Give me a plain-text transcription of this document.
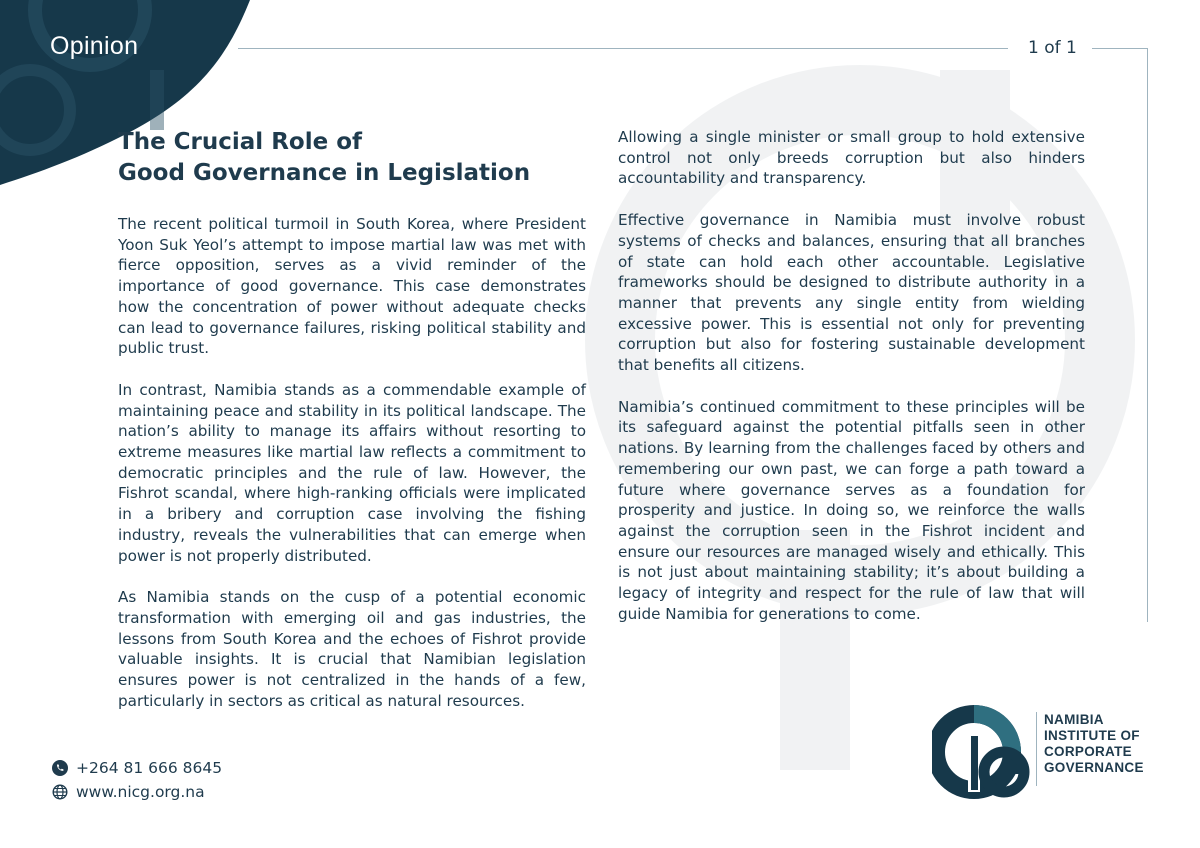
Opinion	1 of 1
The Crucial Role of
Good Governance in Legislation

The recent political turmoil in South Korea, where President Yoon Suk Yeol’s attempt to impose martial law was met with fierce opposition, serves as a vivid reminder of the importance of good governance. This case demonstrates how the concentration of power without adequate checks can lead to governance failures, risking political stability and public trust.

In contrast, Namibia stands as a commendable example of maintaining peace and stability in its political landscape. The nation’s ability to manage its affairs without resorting to extreme measures like martial law reflects a commitment to democratic principles and the rule of law. However, the Fishrot scandal, where high-ranking officials were implicated in a bribery and corruption case involving the fishing industry, reveals the vulnerabilities that can emerge when power is not properly distributed.

As Namibia stands on the cusp of a potential economic transformation with emerging oil and gas industries, the lessons from South Korea and the echoes of Fishrot provide valuable insights. It is crucial that Namibian legislation ensures power is not centralized in the hands of a few, particularly in sectors as critical as natural resources.

Allowing a single minister or small group to hold extensive control not only breeds corruption but also hinders accountability and transparency.

Effective governance in Namibia must involve robust systems of checks and balances, ensuring that all branches of state can hold each other accountable. Legislative frameworks should be designed to distribute authority in a manner that prevents any single entity from wielding excessive power. This is essential not only for preventing corruption but also for fostering sustainable development that benefits all citizens.

Namibia’s continued commitment to these principles will be its safeguard against the potential pitfalls seen in other nations. By learning from the challenges faced by others and remembering our own past, we can forge a path toward a future where governance serves as a foundation for prosperity and justice. In doing so, we reinforce the walls against the corruption seen in the Fishrot incident and ensure our resources are managed wisely and ethically. This is not just about maintaining stability; it’s about building a legacy of integrity and respect for the rule of law that will guide Namibia for generations to come.

+264 81 666 8645
www.nicg.org.na
NAMIBIA
INSTITUTE OF
CORPORATE
GOVERNANCE
